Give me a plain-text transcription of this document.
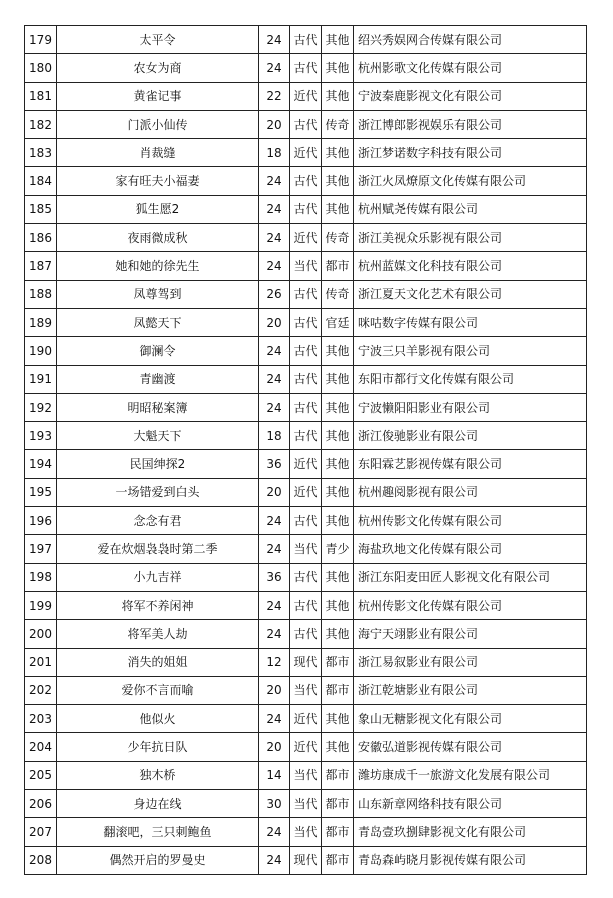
179	太平令	24	古代	其他	绍兴秀娱网合传媒有限公司
180	农女为商	24	古代	其他	杭州影歌文化传媒有限公司
181	黄雀记事	22	近代	其他	宁波秦鹿影视文化有限公司
182	门派小仙传	20	古代	传奇	浙江博郎影视娱乐有限公司
183	肖裁缝	18	近代	其他	浙江梦诺数字科技有限公司
184	家有旺夫小福妻	24	古代	其他	浙江火凤燎原文化传媒有限公司
185	狐生愿2	24	古代	其他	杭州赋尧传媒有限公司
186	夜雨微成秋	24	近代	传奇	浙江美视众乐影视有限公司
187	她和她的徐先生	24	当代	都市	杭州蓝媒文化科技有限公司
188	凤尊驾到	26	古代	传奇	浙江夏天文化艺术有限公司
189	凤懿天下	20	古代	官廷	咪咕数字传媒有限公司
190	御澜令	24	古代	其他	宁波三只羊影视有限公司
191	青幽渡	24	古代	其他	东阳市都行文化传媒有限公司
192	明昭秘案簿	24	古代	其他	宁波懒阳阳影业有限公司
193	大魁天下	18	古代	其他	浙江俊驰影业有限公司
194	民国绅探2	36	近代	其他	东阳霖艺影视传媒有限公司
195	一场错爱到白头	20	近代	其他	杭州趣阅影视有限公司
196	念念有君	24	古代	其他	杭州传影文化传媒有限公司
197	爱在炊烟袅袅时第二季	24	当代	青少	海盐玖地文化传媒有限公司
198	小九吉祥	36	古代	其他	浙江东阳麦田匠人影视文化有限公司
199	将军不养闲神	24	古代	其他	杭州传影文化传媒有限公司
200	将军美人劫	24	古代	其他	海宁天翊影业有限公司
201	消失的姐姐	12	现代	都市	浙江易叙影业有限公司
202	爱你不言而喻	20	当代	都市	浙江乾塘影业有限公司
203	他似火	24	近代	其他	象山无糖影视文化有限公司
204	少年抗日队	20	近代	其他	安徽弘道影视传媒有限公司
205	独木桥	14	当代	都市	潍坊康成千一旅游文化发展有限公司
206	身边在线	30	当代	都市	山东新章网络科技有限公司
207	翻滚吧，三只刺鲍鱼	24	当代	都市	青岛壹玖捌肆影视文化有限公司
208	偶然开启的罗曼史	24	现代	都市	青岛森屿晓月影视传媒有限公司
